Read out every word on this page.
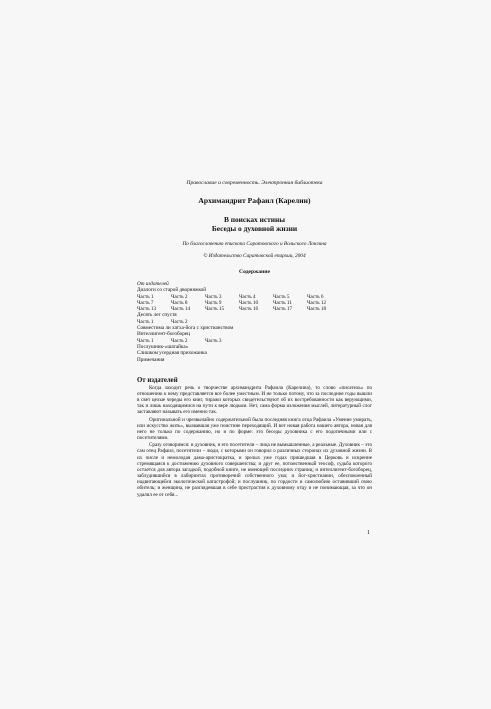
Православие и современность. Электронная библиотека
Архимандрит Рафаил (Карелин)
В поисках истины
Беседы о духовной жизни
По благословению епископа Саратовского и Вольского Лонгина
© Издательство Саратовской епархии, 2004
Содержание
От издателей
Диалоги со старой дворняжкой
Часть 1	Часть 2	Часть 3	Часть 4	Часть 5	Часть 6
Часть 7	Часть 8	Часть 9	Часть 10	Часть 11	Часть 12
Часть 13	Часть 14	Часть 15	Часть 16	Часть 17	Часть 18
Десять лет спустя
Часть 1	Часть 2
Совместима ли хатха-йога с христианством
Интеллигент-богоборец
Часть 1	Часть 2	Часть 3
Послушник-«шатайка»
Слишком усердная прихожанка
Примечания
От издателей

Когда заходит речь о творчестве архимандрита Рафаила (Карелина), то слово «писатель» по отношению к нему представляется все более уместным. И не только потому, что за последние годы вышли в свет целые череды его книг, тиражи которых свидетельствуют об их востребованности как верующими, так и лишь находящимися на пути к вере людьми. Нет, сама форма изложения мыслей, литературный слог заставляют называть его именно так.

Оригинальной и чрезвычайно содержательной была последняя книга отца Рафаила «Умение умирать, или искусство жить», вызвавшая уже поистине переходящий. И вот новая работа нашего автора, новая для него не только по содержанию, но и по форме: это беседы духовника с его подопечными или с посетителями.

Сразу оговоримся: и духовник, и его посетители – лица не вымышленные, а реальные. Духовник – это сам отец Рафаил, посетители – люди, с которыми он говорил о различных сторонах их духовной жизни. В их числе и немолодая дама-аристократка, и зрелых уже годах пришедшая в Церковь и искренне стремящаяся к достижению духовного совершенства; и друг ее, потомственный теософ, судьба которого остается для автора загадкой, подобной книге, не имеющей последних страниц; и интеллигент-богоборец, заблудившийся в лабиринтах противоречий собственного ума; и йог-христианин, обеспокоенный надвигающейся экологической катастрофой; и послушник, по гордости и самолюбию оставивший свою обитель; и женщина, не разглядевшая в себе пристрастия к духовному отцу и не понимающая, за что он удалил ее от себя...

1
